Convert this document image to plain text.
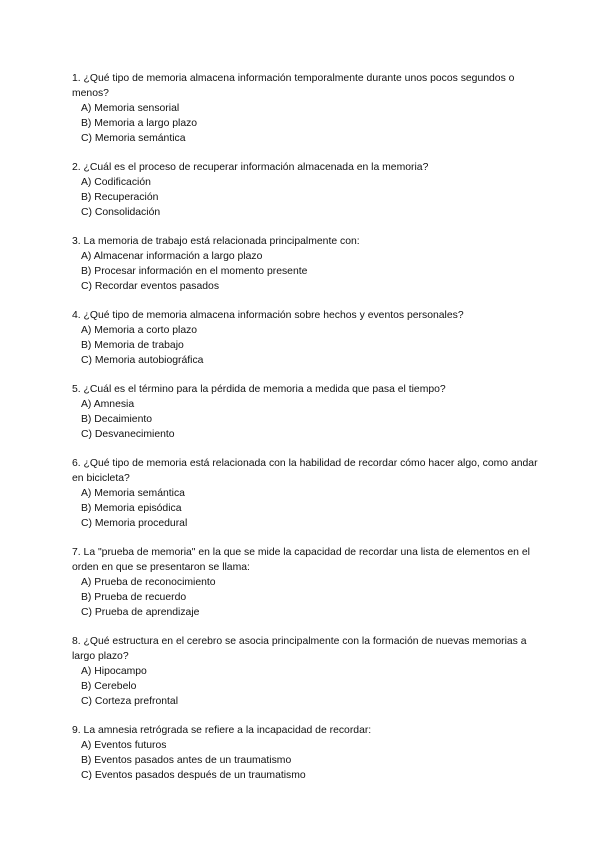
1. ¿Qué tipo de memoria almacena información temporalmente durante unos pocos segundos o menos?
A) Memoria sensorial
B) Memoria a largo plazo
C) Memoria semántica
2. ¿Cuál es el proceso de recuperar información almacenada en la memoria?
A) Codificación
B) Recuperación
C) Consolidación
3. La memoria de trabajo está relacionada principalmente con:
A) Almacenar información a largo plazo
B) Procesar información en el momento presente
C) Recordar eventos pasados
4. ¿Qué tipo de memoria almacena información sobre hechos y eventos personales?
A) Memoria a corto plazo
B) Memoria de trabajo
C) Memoria autobiográfica
5. ¿Cuál es el término para la pérdida de memoria a medida que pasa el tiempo?
A) Amnesia
B) Decaimiento
C) Desvanecimiento
6. ¿Qué tipo de memoria está relacionada con la habilidad de recordar cómo hacer algo, como andar en bicicleta?
A) Memoria semántica
B) Memoria episódica
C) Memoria procedural
7. La "prueba de memoria" en la que se mide la capacidad de recordar una lista de elementos en el orden en que se presentaron se llama:
A) Prueba de reconocimiento
B) Prueba de recuerdo
C) Prueba de aprendizaje
8. ¿Qué estructura en el cerebro se asocia principalmente con la formación de nuevas memorias a largo plazo?
A) Hipocampo
B) Cerebelo
C) Corteza prefrontal
9. La amnesia retrógrada se refiere a la incapacidad de recordar:
A) Eventos futuros
B) Eventos pasados antes de un traumatismo
C) Eventos pasados después de un traumatismo
